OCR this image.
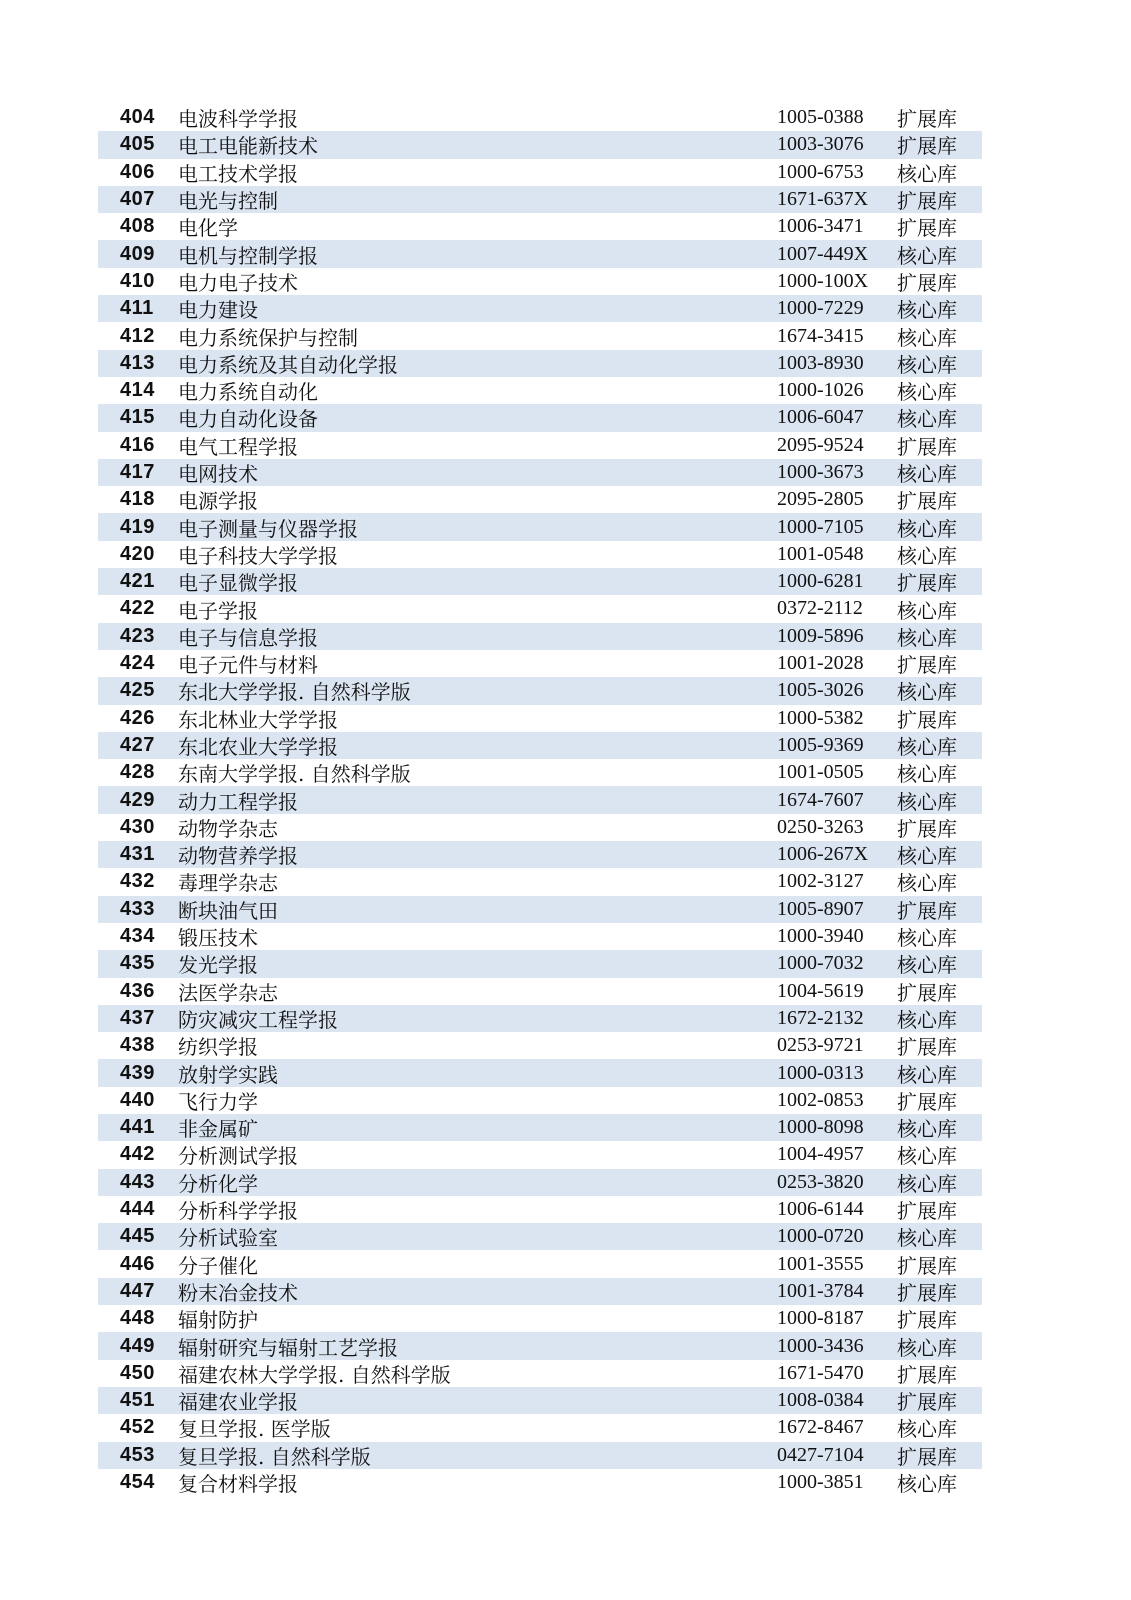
404	电波科学学报	1005-0388	扩展库
405	电工电能新技术	1003-3076	扩展库
406	电工技术学报	1000-6753	核心库
407	电光与控制	1671-637X	扩展库
408	电化学	1006-3471	扩展库
409	电机与控制学报	1007-449X	核心库
410	电力电子技术	1000-100X	扩展库
411	电力建设	1000-7229	核心库
412	电力系统保护与控制	1674-3415	核心库
413	电力系统及其自动化学报	1003-8930	核心库
414	电力系统自动化	1000-1026	核心库
415	电力自动化设备	1006-6047	核心库
416	电气工程学报	2095-9524	扩展库
417	电网技术	1000-3673	核心库
418	电源学报	2095-2805	扩展库
419	电子测量与仪器学报	1000-7105	核心库
420	电子科技大学学报	1001-0548	核心库
421	电子显微学报	1000-6281	扩展库
422	电子学报	0372-2112	核心库
423	电子与信息学报	1009-5896	核心库
424	电子元件与材料	1001-2028	扩展库
425	东北大学学报. 自然科学版	1005-3026	核心库
426	东北林业大学学报	1000-5382	扩展库
427	东北农业大学学报	1005-9369	核心库
428	东南大学学报. 自然科学版	1001-0505	核心库
429	动力工程学报	1674-7607	核心库
430	动物学杂志	0250-3263	扩展库
431	动物营养学报	1006-267X	核心库
432	毒理学杂志	1002-3127	核心库
433	断块油气田	1005-8907	扩展库
434	锻压技术	1000-3940	核心库
435	发光学报	1000-7032	核心库
436	法医学杂志	1004-5619	扩展库
437	防灾减灾工程学报	1672-2132	核心库
438	纺织学报	0253-9721	扩展库
439	放射学实践	1000-0313	核心库
440	飞行力学	1002-0853	扩展库
441	非金属矿	1000-8098	核心库
442	分析测试学报	1004-4957	核心库
443	分析化学	0253-3820	核心库
444	分析科学学报	1006-6144	扩展库
445	分析试验室	1000-0720	核心库
446	分子催化	1001-3555	扩展库
447	粉末冶金技术	1001-3784	扩展库
448	辐射防护	1000-8187	扩展库
449	辐射研究与辐射工艺学报	1000-3436	核心库
450	福建农林大学学报. 自然科学版	1671-5470	扩展库
451	福建农业学报	1008-0384	扩展库
452	复旦学报. 医学版	1672-8467	核心库
453	复旦学报. 自然科学版	0427-7104	扩展库
454	复合材料学报	1000-3851	核心库
